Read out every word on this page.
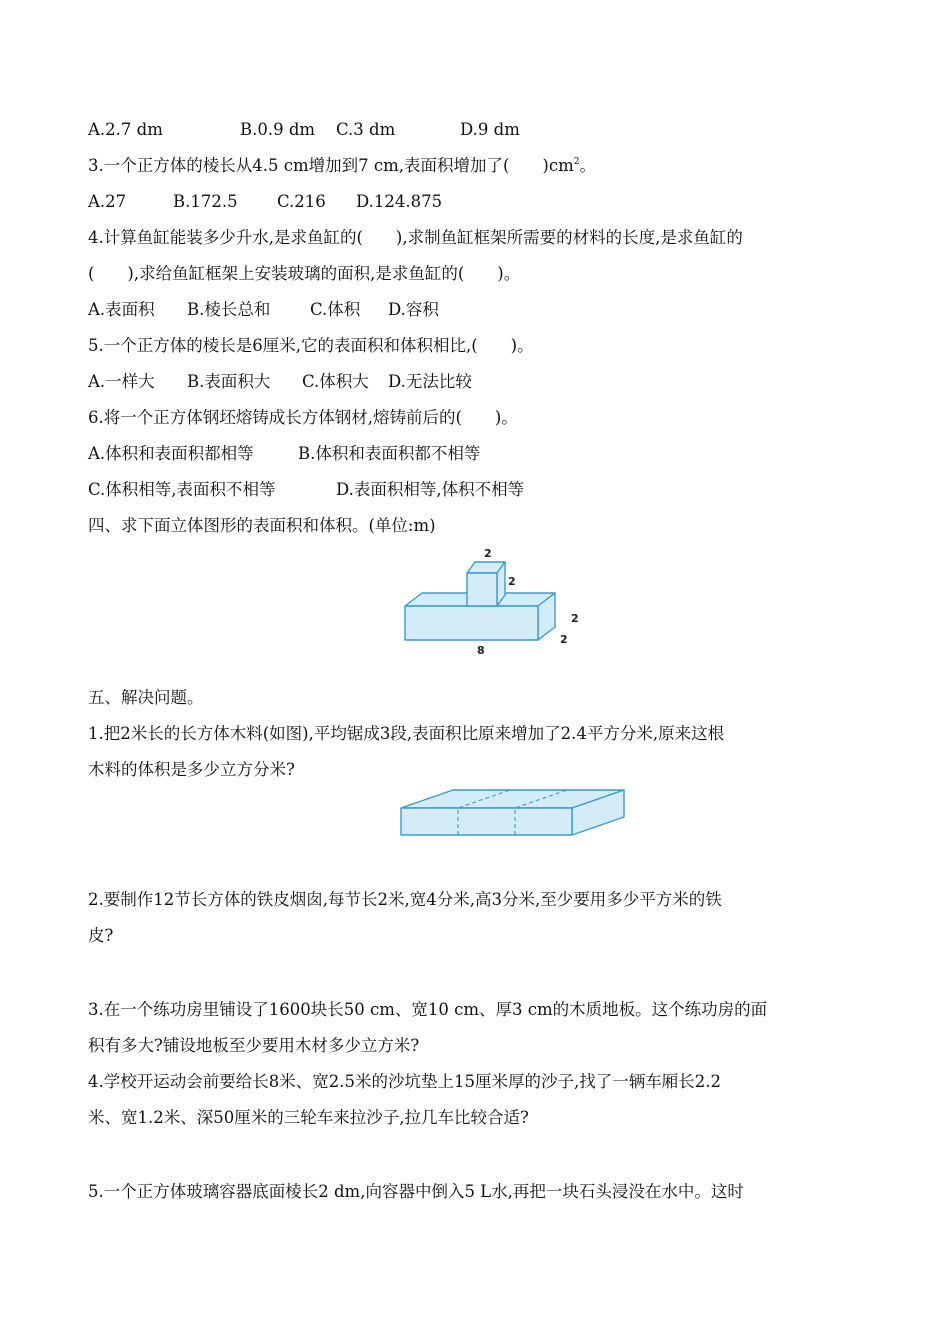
A.2.7 dm	B.0.9 dm C.3 dm	D.9 dm
3.一个正方体的棱长从4.5 cm增加到7 cm,表面积增加了(　　)$cm^2$。
A.27	B.172.5 C.216 D.124.875
4.计算鱼缸能装多少升水,是求鱼缸的(　　),求制鱼缸框架所需要的材料的长度,是求鱼缸的
(　　),求给鱼缸框架上安装玻璃的面积,是求鱼缸的(　　)。
A.表面积 B.棱长总和 C.体积 D.容积
5.一个正方体的棱长是6厘米,它的表面积和体积相比,(　　)。
A.一样大 B.表面积大 C.体积大 D.无法比较
6.将一个正方体钢坯熔铸成长方体钢材,熔铸前后的(　　)。
A.体积和表面积都相等	B.体积和表面积都不相等
C.体积相等,表面积不相等	D.表面积相等,体积不相等
四、求下面立体图形的表面积和体积。(单位:m)
2
2
2
2
8
五、解决问题。
1.把2米长的长方体木料(如图),平均锯成3段,表面积比原来增加了2.4平方分米,原来这根
木料的体积是多少立方分米?
2.要制作12节长方体的铁皮烟囱,每节长2米,宽4分米,高3分米,至少要用多少平方米的铁
皮?
3.在一个练功房里铺设了1600块长50 cm、宽10 cm、厚3 cm的木质地板。这个练功房的面
积有多大?铺设地板至少要用木材多少立方米?
4.学校开运动会前要给长8米、宽2.5米的沙坑垫上15厘米厚的沙子,找了一辆车厢长2.2
米、宽1.2米、深50厘米的三轮车来拉沙子,拉几车比较合适?
5.一个正方体玻璃容器底面棱长2 dm,向容器中倒入5 L水,再把一块石头浸没在水中。这时
